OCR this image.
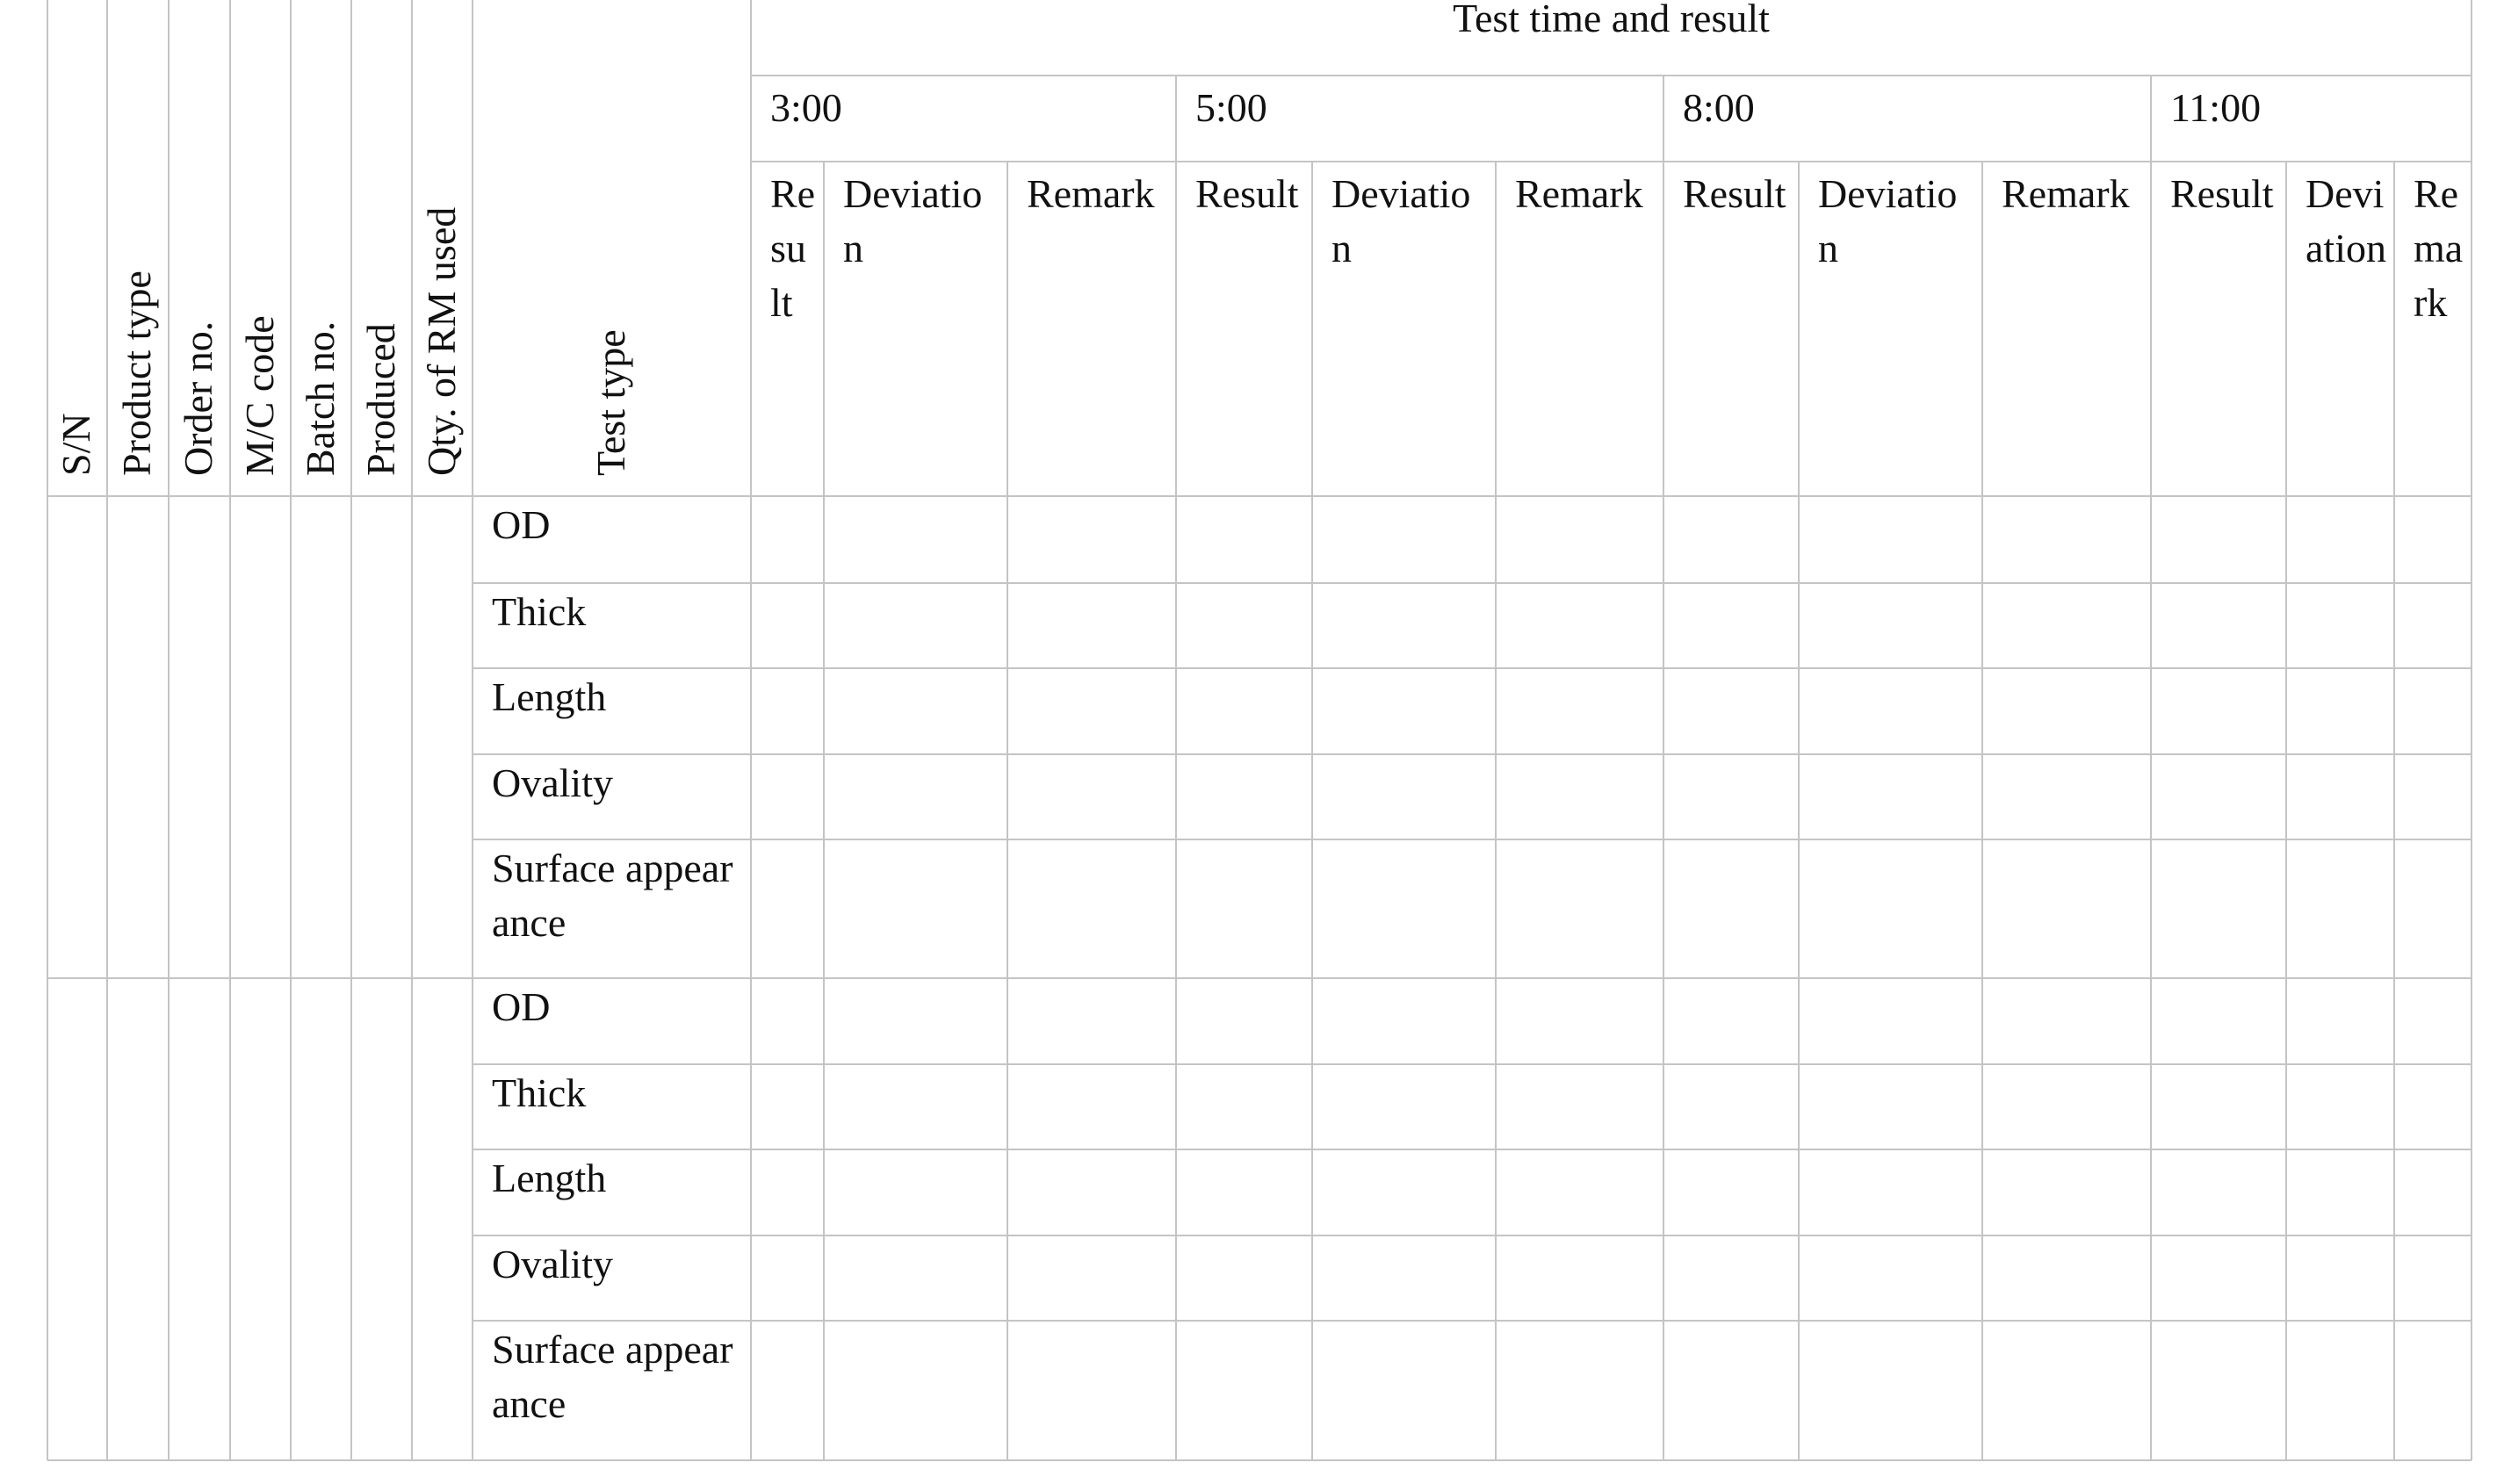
S/N Product type Order no. M/C code Batch no. Produced Qty. of RM used	Test type
Test time and result
3:00
Result
Deviation
Remark
5:00
Result Deviation
Remark
8:00
Result Deviation
Remark
11:00
Result Deviation
Remark
OD
Thick
Length
Ovality
Surface appearance
OD
Thick
Length
Ovality
Surface appearance
